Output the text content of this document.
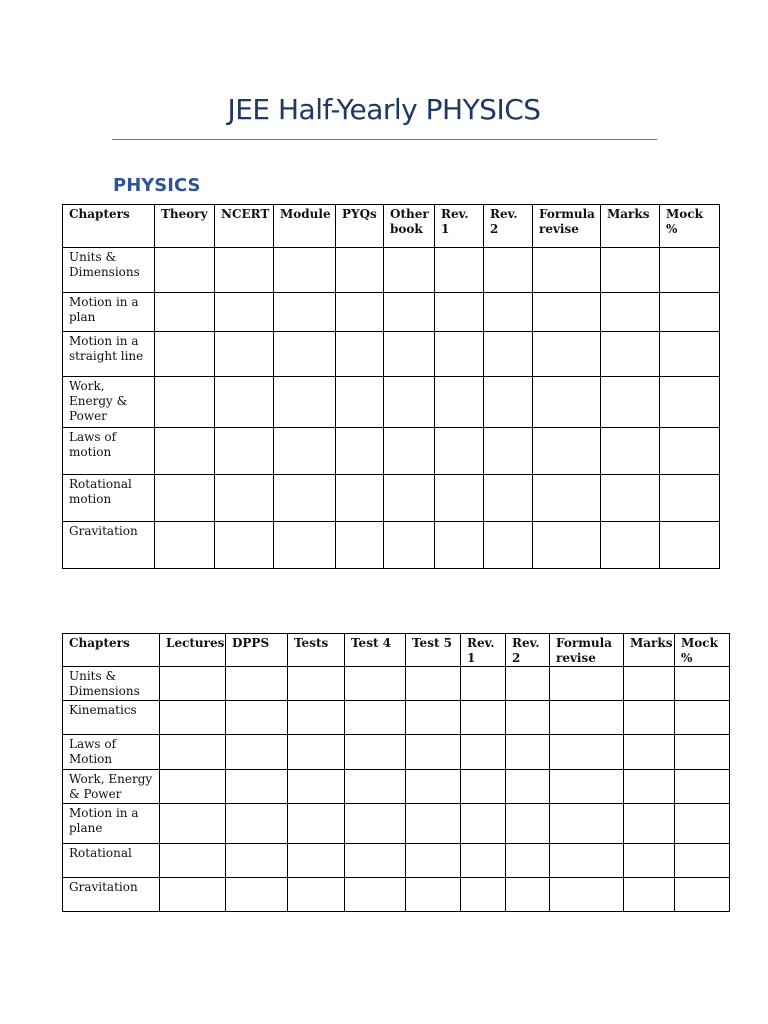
JEE Half-Yearly PHYSICS
PHYSICS
Chapters	Theory	NCERT	Module	PYQs	Other book	Rev. 1	Rev. 2	Formula revise	Marks	Mock %
Units & Dimensions										
Motion in a plan										
Motion in a straight line										
Work, Energy & Power										
Laws of motion										
Rotational motion										
Gravitation										
Chapters	Lectures	DPPS	Tests	Test 4	Test 5	Rev. 1	Rev. 2	Formula revise	Marks	Mock %
Units & Dimensions										
Kinematics										
Laws of Motion										
Work, Energy & Power										
Motion in a plane										
Rotational										
Gravitation										
